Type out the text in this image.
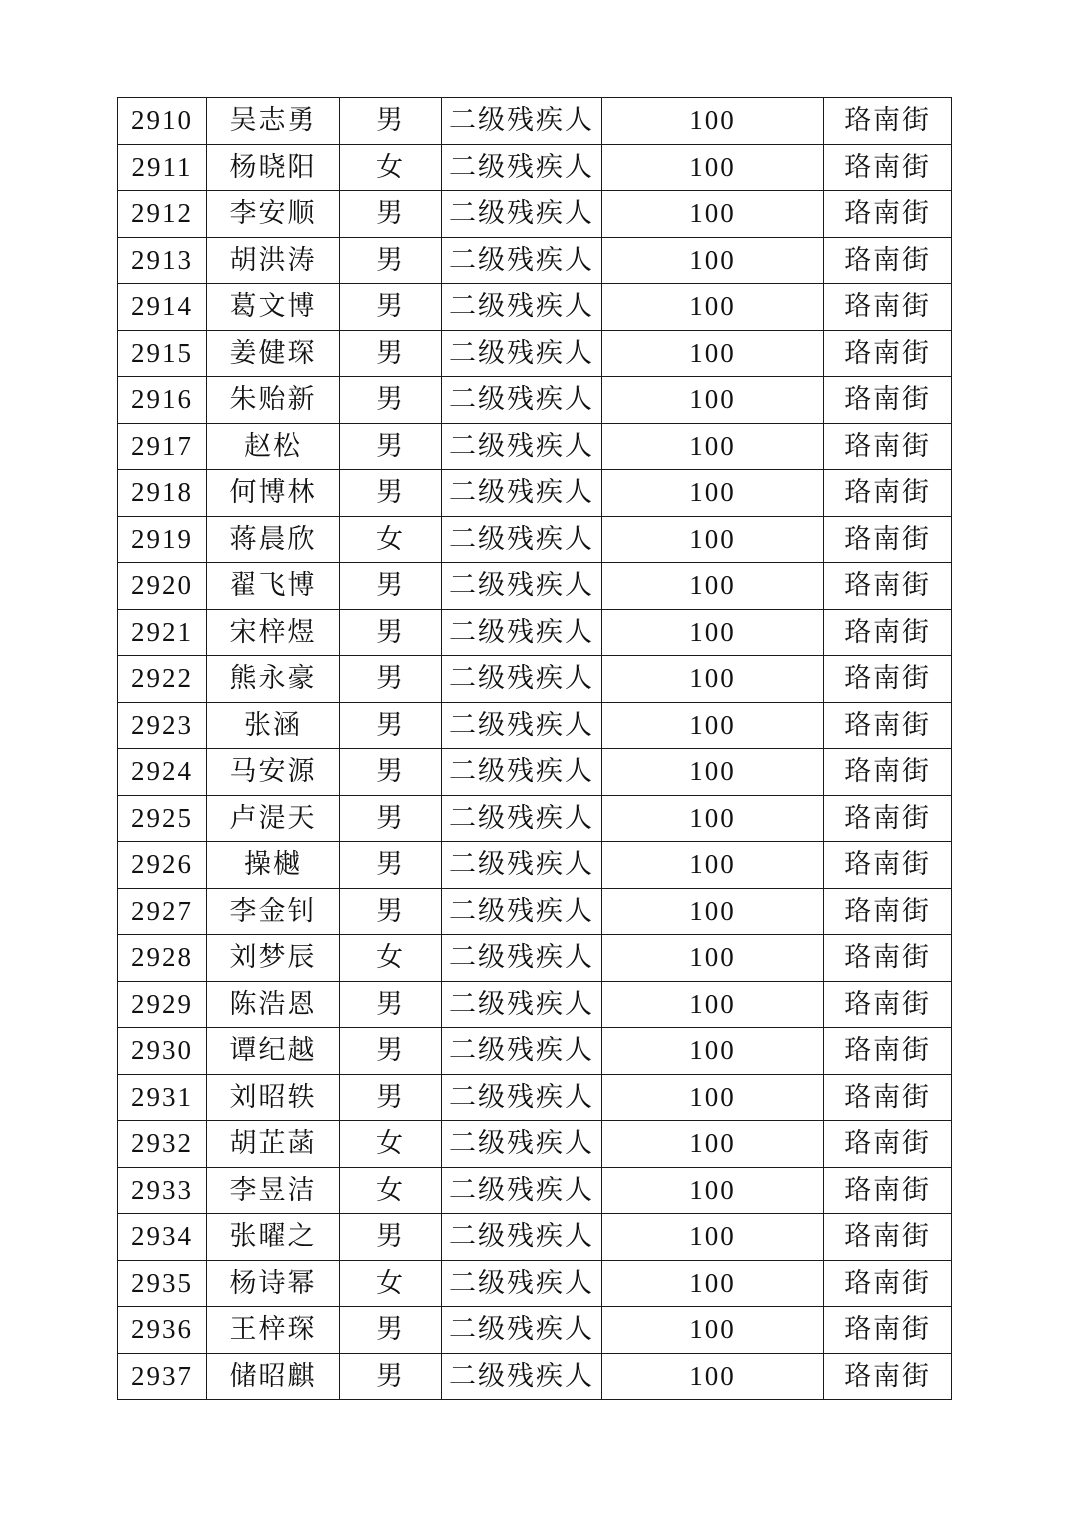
2910	吴志勇	男	二级残疾人	100	珞南街
2911	杨晓阳	女	二级残疾人	100	珞南街
2912	李安顺	男	二级残疾人	100	珞南街
2913	胡洪涛	男	二级残疾人	100	珞南街
2914	葛文博	男	二级残疾人	100	珞南街
2915	姜健琛	男	二级残疾人	100	珞南街
2916	朱贻新	男	二级残疾人	100	珞南街
2917	赵松	男	二级残疾人	100	珞南街
2918	何博林	男	二级残疾人	100	珞南街
2919	蒋晨欣	女	二级残疾人	100	珞南街
2920	翟飞博	男	二级残疾人	100	珞南街
2921	宋梓煜	男	二级残疾人	100	珞南街
2922	熊永豪	男	二级残疾人	100	珞南街
2923	张涵	男	二级残疾人	100	珞南街
2924	马安源	男	二级残疾人	100	珞南街
2925	卢湜天	男	二级残疾人	100	珞南街
2926	操樾	男	二级残疾人	100	珞南街
2927	李金钊	男	二级残疾人	100	珞南街
2928	刘梦辰	女	二级残疾人	100	珞南街
2929	陈浩恩	男	二级残疾人	100	珞南街
2930	谭纪越	男	二级残疾人	100	珞南街
2931	刘昭轶	男	二级残疾人	100	珞南街
2932	胡芷菡	女	二级残疾人	100	珞南街
2933	李昱洁	女	二级残疾人	100	珞南街
2934	张曜之	男	二级残疾人	100	珞南街
2935	杨诗幂	女	二级残疾人	100	珞南街
2936	王梓琛	男	二级残疾人	100	珞南街
2937	储昭麒	男	二级残疾人	100	珞南街
